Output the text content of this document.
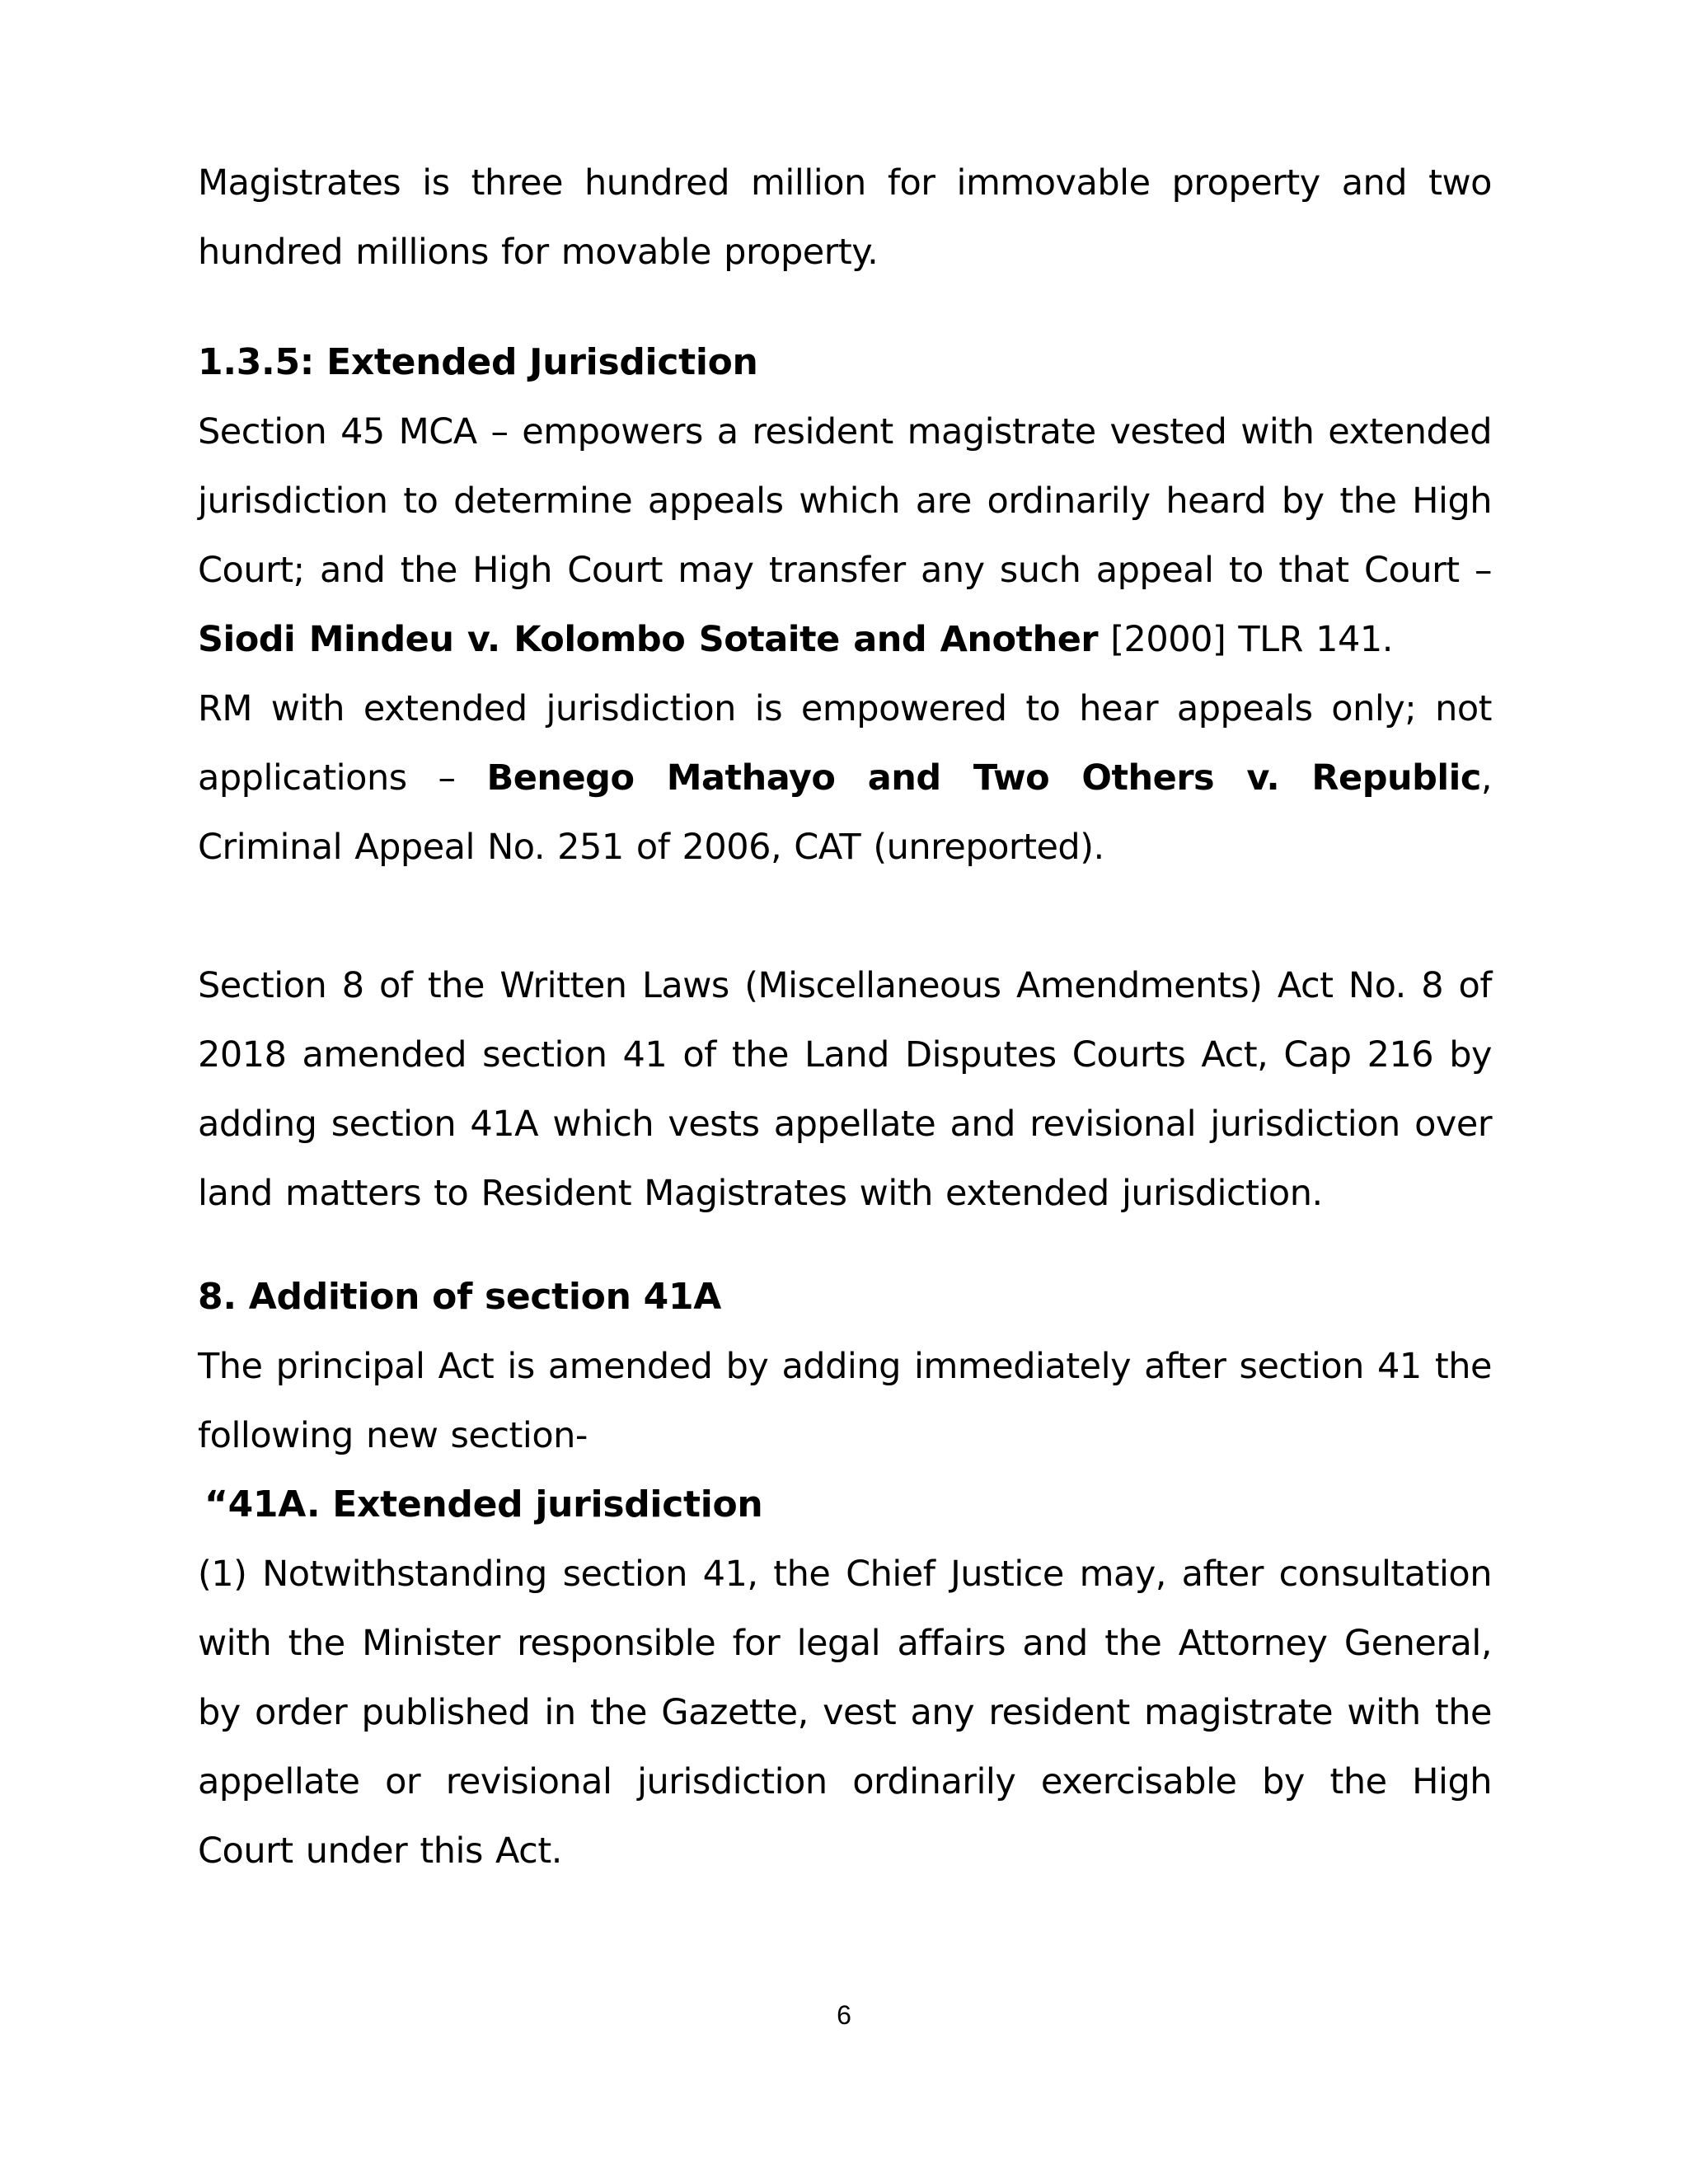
Magistrates is three hundred million for immovable property and two hundred millions for movable property.
1.3.5: Extended Jurisdiction
Section 45 MCA – empowers a resident magistrate vested with extended jurisdiction to determine appeals which are ordinarily heard by the High Court; and the High Court may transfer any such appeal to that Court – Siodi Mindeu v. Kolombo Sotaite and Another [2000] TLR 141.
RM with extended jurisdiction is empowered to hear appeals only; not applications – Benego Mathayo and Two Others v. Republic, Criminal Appeal No. 251 of 2006, CAT (unreported).
Section 8 of the Written Laws (Miscellaneous Amendments) Act No. 8 of 2018 amended section 41 of the Land Disputes Courts Act, Cap 216 by adding section 41A which vests appellate and revisional jurisdiction over land matters to Resident Magistrates with extended jurisdiction.
8. Addition of section 41A
The principal Act is amended by adding immediately after section 41 the following new section-
“41A. Extended jurisdiction
(1) Notwithstanding section 41, the Chief Justice may, after consultation with the Minister responsible for legal affairs and the Attorney General, by order published in the Gazette, vest any resident magistrate with the appellate or revisional jurisdiction ordinarily exercisable by the High Court under this Act.
6
